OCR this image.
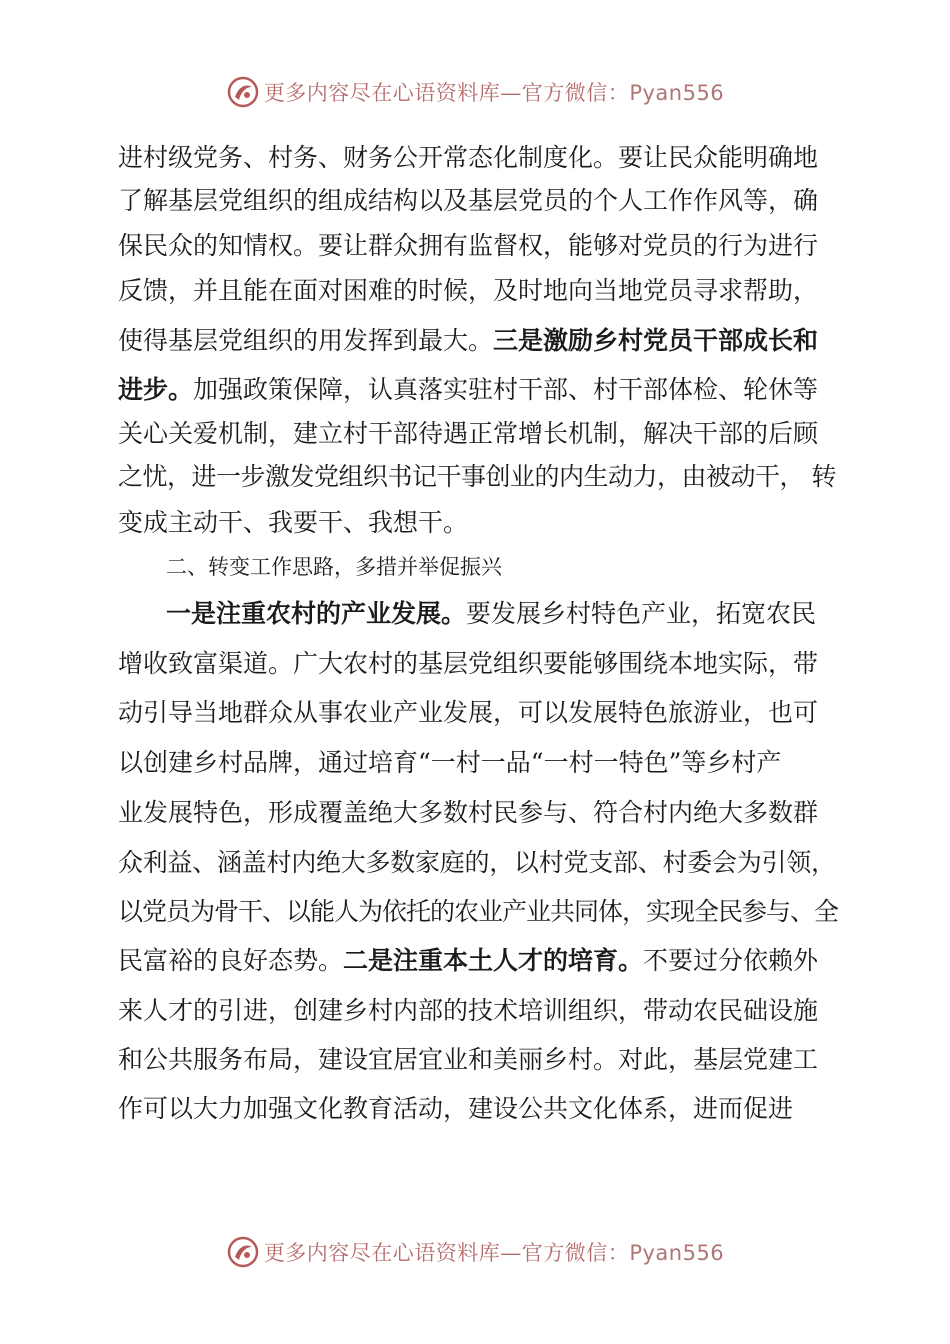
更多内容尽在心语资料库—官方微信：Pyan556
进村级党务、村务、财务公开常态化制度化。要让民众能明确地
了解基层党组织的组成结构以及基层党员的个人工作作风等，确
保民众的知情权。要让群众拥有监督权，能够对党员的行为进行
反馈，并且能在面对困难的时候，及时地向当地党员寻求帮助，
使得基层党组织的用发挥到最大。三是激励乡村党员干部成长和
进步。加强政策保障，认真落实驻村干部、村干部体检、轮休等
关心关爱机制，建立村干部待遇正常增长机制，解决干部的后顾
之忧，进一步激发党组织书记干事创业的内生动力，由被动干， 转
变成主动干、我要干、我想干。
二、转变工作思路，多措并举促振兴
一是注重农村的产业发展。要发展乡村特色产业，拓宽农民
增收致富渠道。广大农村的基层党组织要能够围绕本地实际，带
动引导当地群众从事农业产业发展，可以发展特色旅游业，也可
以创建乡村品牌，通过培育“一村一品“一村一特色”等乡村产
业发展特色，形成覆盖绝大多数村民参与、符合村内绝大多数群
众利益、涵盖村内绝大多数家庭的，以村党支部、村委会为引领，
以党员为骨干、以能人为依托的农业产业共同体，实现全民参与、全
民富裕的良好态势。二是注重本土人才的培育。不要过分依赖外
来人才的引进，创建乡村内部的技术培训组织，带动农民础设施
和公共服务布局，建设宜居宜业和美丽乡村。对此，基层党建工
作可以大力加强文化教育活动，建设公共文化体系，进而促进
更多内容尽在心语资料库—官方微信：Pyan556
